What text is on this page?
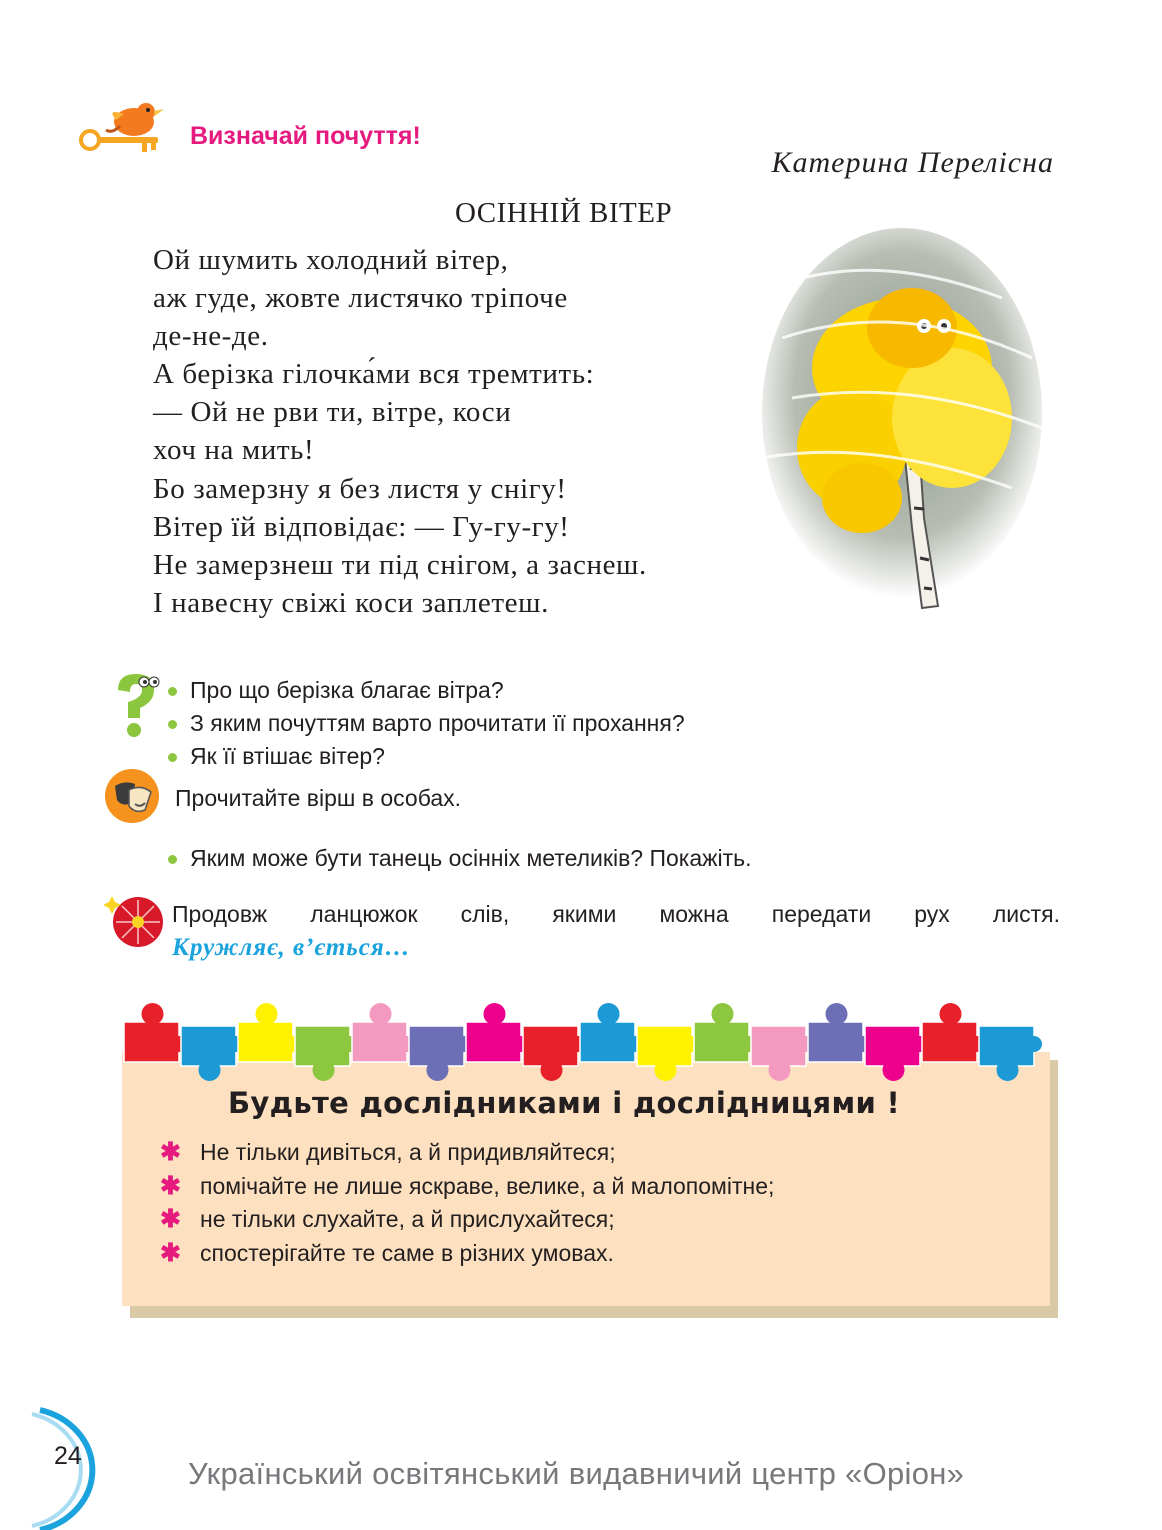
Визначай почуття!
Катерина Перелісна
ОСІННІЙ ВІТЕР
Ой шумить холодний вітер,
аж гуде, жовте листячко тріпоче
де-не-де.
А берізка гілочка́ми вся тремтить:
— Ой не рви ти, вітре, коси
хоч на мить!
Бо замерзну я без листя у снігу!
Вітер їй відповідає: — Гу-гу-гу!
Не замерзнеш ти під снігом, а заснеш.
І навесну свіжі коси заплетеш.
Про що берізка благає вітра?
З яким почуттям варто прочитати її прохання?
Як її втішає вітер?
Прочитайте вірш в особах.
Яким може бути танець осінніх метеликів? Покажіть.
Продовж ланцюжок слів, якими можна передати рух листя.
Кружляє, в’ється…
Будьте дослідниками і дослідницями !
✱ Не тільки дивіться, а й придивляйтеся;
✱ помічайте не лише яскраве, велике, а й малопомітне;
✱ не тільки слухайте, а й прислухайтеся;
✱ спостерігайте те саме в різних умовах.
24	Український освітянський видавничий центр «Оріон»
